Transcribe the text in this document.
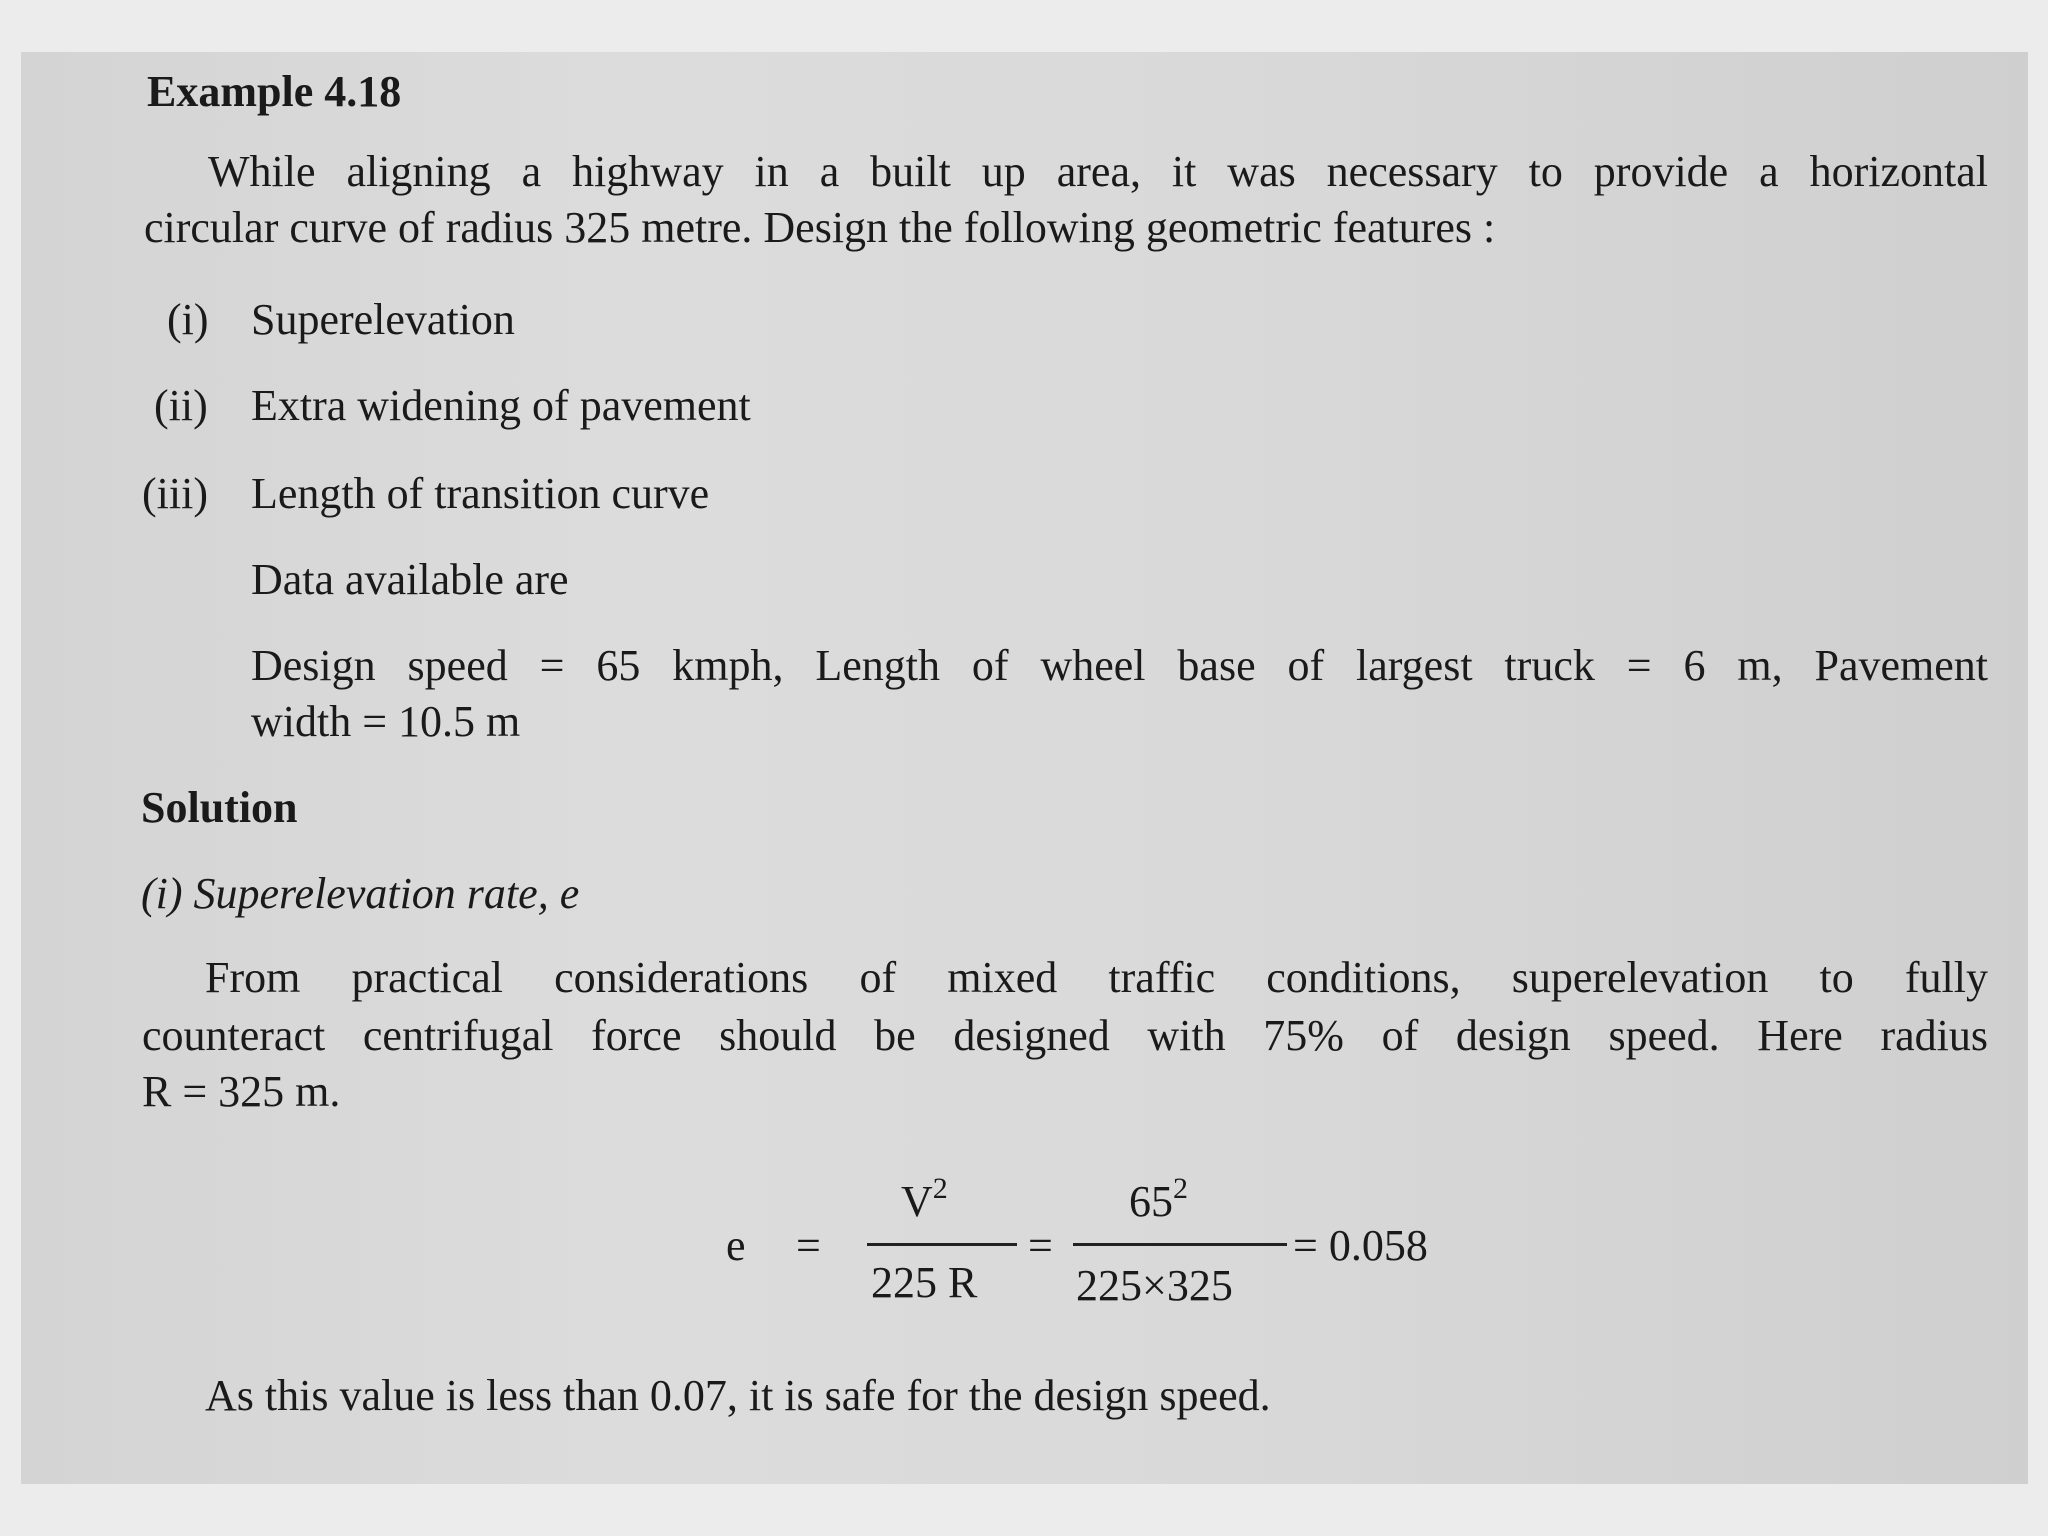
Example 4.18
While aligning a highway in a built up area, it was necessary to provide a horizontal
circular curve of radius 325 metre. Design the following geometric features :
(i) Superelevation
(ii) Extra widening of pavement
(iii) Length of transition curve
Data available are
Design speed = 65 kmph, Length of wheel base of largest truck = 6 m, Pavement
width = 10.5 m
Solution
(i) Superelevation rate, e
From practical considerations of mixed traffic conditions, superelevation to fully
counteract centrifugal force should be designed with 75% of design speed. Here radius
R = 325 m.
e =
$V^2$
225 R
=
$65^2$
225×325
= 0.058
As this value is less than 0.07, it is safe for the design speed.
